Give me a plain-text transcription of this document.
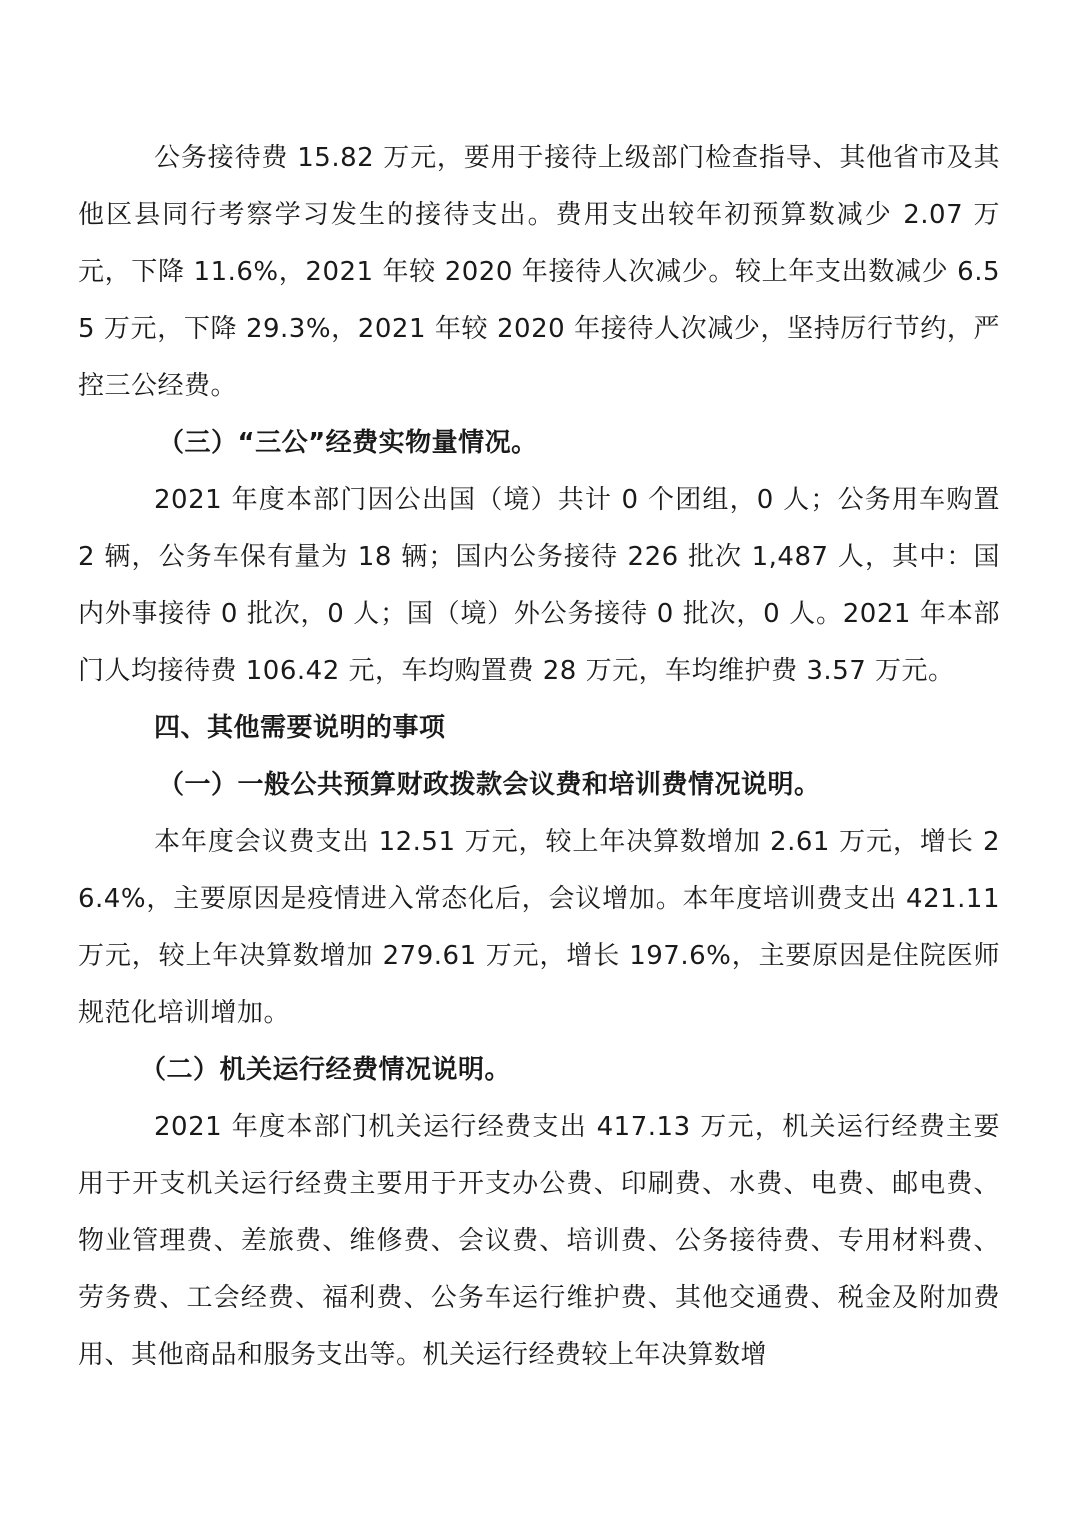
公务接待费 15.82 万元，要用于接待上级部门检查指导、其他省市及其他区县同行考察学习发生的接待支出。费用支出较年初预算数减少 2.07 万元，下降 11.6%，2021 年较 2020 年接待人次减少。较上年支出数减少 6.55 万元，下降 29.3%，2021 年较 2020 年接待人次减少，坚持厉行节约，严控三公经费。

（三）“三公”经费实物量情况。

2021 年度本部门因公出国（境）共计 0 个团组，0 人；公务用车购置 2 辆，公务车保有量为 18 辆；国内公务接待 226 批次 1,487 人，其中：国内外事接待 0 批次，0 人；国（境）外公务接待 0 批次，0 人。2021 年本部门人均接待费 106.42 元，车均购置费 28 万元，车均维护费 3.57 万元。

四、其他需要说明的事项

（一）一般公共预算财政拨款会议费和培训费情况说明。

本年度会议费支出 12.51 万元，较上年决算数增加 2.61 万元，增长 26.4%，主要原因是疫情进入常态化后，会议增加。本年度培训费支出 421.11 万元，较上年决算数增加 279.61 万元，增长 197.6%，主要原因是住院医师规范化培训增加。

（二）机关运行经费情况说明。

2021 年度本部门机关运行经费支出 417.13 万元，机关运行经费主要用于开支机关运行经费主要用于开支办公费、印刷费、水费、电费、邮电费、物业管理费、差旅费、维修费、会议费、培训费、公务接待费、专用材料费、劳务费、工会经费、福利费、公务车运行维护费、其他交通费、税金及附加费用、其他商品和服务支出等。机关运行经费较上年决算数增
